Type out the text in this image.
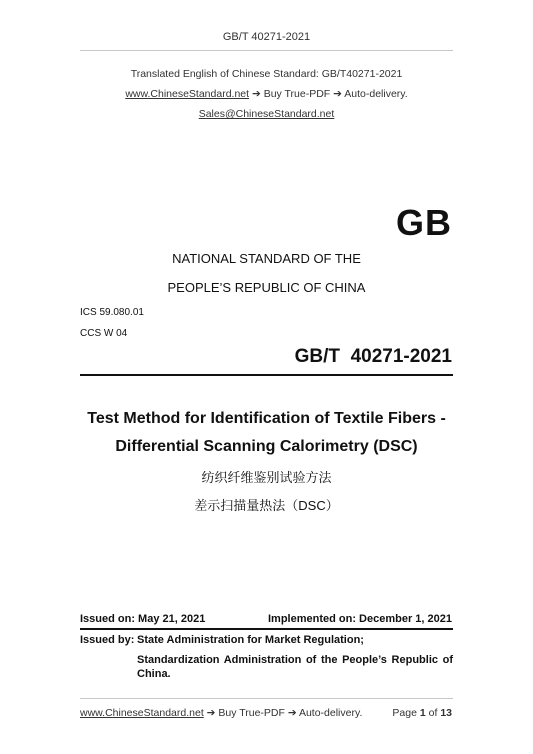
GB/T 40271-2021
Translated English of Chinese Standard: GB/T40271-2021
www.ChineseStandard.net ➔ Buy True-PDF ➔ Auto-delivery.
Sales@ChineseStandard.net
GB
NATIONAL STANDARD OF THE
PEOPLE’S REPUBLIC OF CHINA
ICS 59.080.01
CCS W 04
GB/T  40271-2021
Test Method for Identification of Textile Fibers -
Differential Scanning Calorimetry (DSC)
纺织纤维鉴别试验方法
差示扫描量热法（DSC）
Issued on: May 21, 2021	Implemented on: December 1, 2021
Issued by: State Administration for Market Regulation;
Standardization Administration of the People’s Republic of
China.
www.ChineseStandard.net ➔ Buy True-PDF ➔ Auto-delivery.	Page 1 of 13
